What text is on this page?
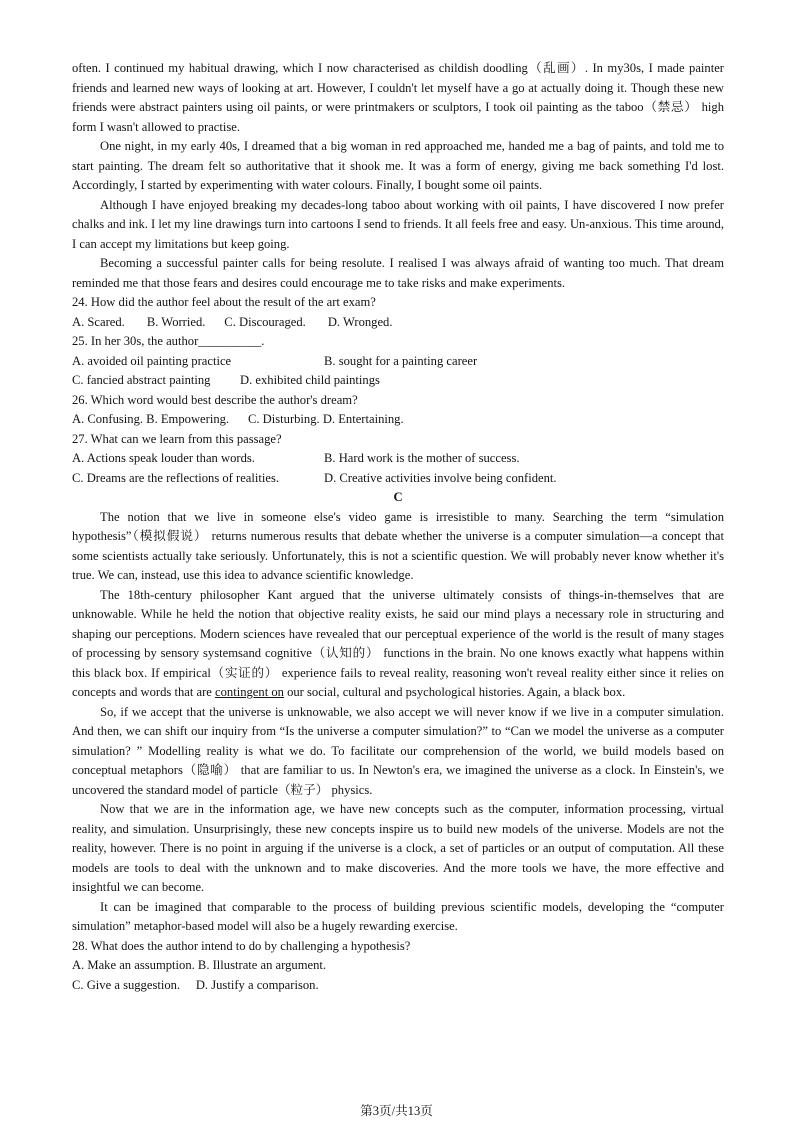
often. I continued my habitual drawing, which I now characterised as childish doodling（乱画）. In my30s, I made painter friends and learned new ways of looking at art. However, I couldn't let myself have a go at actually doing it. Though these new friends were abstract painters using oil paints, or were printmakers or sculptors, I took oil painting as the taboo（禁忌） high form I wasn't allowed to practise.

One night, in my early 40s, I dreamed that a big woman in red approached me, handed me a bag of paints, and told me to start painting. The dream felt so authoritative that it shook me. It was a form of energy, giving me back something I'd lost. Accordingly, I started by experimenting with water colours. Finally, I bought some oil paints.

Although I have enjoyed breaking my decades-long taboo about working with oil paints, I have discovered I now prefer chalks and ink. I let my line drawings turn into cartoons I send to friends. It all feels free and easy. Un-anxious. This time around, I can accept my limitations but keep going.

Becoming a successful painter calls for being resolute. I realised I was always afraid of wanting too much. That dream reminded me that those fears and desires could encourage me to take risks and make experiments.

24. How did the author feel about the result of the art exam?

A. Scared.       B. Worried.      C. Discouraged.       D. Wronged.

25. In her 30s, the author__________.

A. avoided oil painting practice	B. sought for a painting career
C. fancied abstract painting	D. exhibited child paintings

26. Which word would best describe the author's dream?

A. Confusing. B. Empowering.      C. Disturbing. D. Entertaining.

27. What can we learn from this passage?

A. Actions speak louder than words.	B. Hard work is the mother of success.
C. Dreams are the reflections of realities.	D. Creative activities involve being confident.

C

The notion that we live in someone else's video game is irresistible to many. Searching the term “simulation hypothesis”（模拟假说） returns numerous results that debate whether the universe is a computer simulation—a concept that some scientists actually take seriously. Unfortunately, this is not a scientific question. We will probably never know whether it's true. We can, instead, use this idea to advance scientific knowledge.

The 18th-century philosopher Kant argued that the universe ultimately consists of things-in-themselves that are unknowable. While he held the notion that objective reality exists, he said our mind plays a necessary role in structuring and shaping our perceptions. Modern sciences have revealed that our perceptual experience of the world is the result of many stages of processing by sensory systemsand cognitive（认知的） functions in the brain. No one knows exactly what happens within this black box. If empirical（实证的） experience fails to reveal reality, reasoning won't reveal reality either since it relies on concepts and words that are contingent on our social, cultural and psychological histories. Again, a black box.

So, if we accept that the universe is unknowable, we also accept we will never know if we live in a computer simulation. And then, we can shift our inquiry from “Is the universe a computer simulation?” to “Can we model the universe as a computer simulation? ” Modelling reality is what we do. To facilitate our comprehension of the world, we build models based on conceptual metaphors（隐喻） that are familiar to us. In Newton's era, we imagined the universe as a clock. In Einstein's, we uncovered the standard model of particle（粒子） physics.

Now that we are in the information age, we have new concepts such as the computer, information processing, virtual reality, and simulation. Unsurprisingly, these new concepts inspire us to build new models of the universe. Models are not the reality, however. There is no point in arguing if the universe is a clock, a set of particles or an output of computation. All these models are tools to deal with the unknown and to make discoveries. And the more tools we have, the more effective and insightful we can become.

It can be imagined that comparable to the process of building previous scientific models, developing the “computer simulation” metaphor-based model will also be a hugely rewarding exercise.

28. What does the author intend to do by challenging a hypothesis?

A. Make an assumption. B. Illustrate an argument.

C. Give a suggestion.     D. Justify a comparison.

第3页/共13页
